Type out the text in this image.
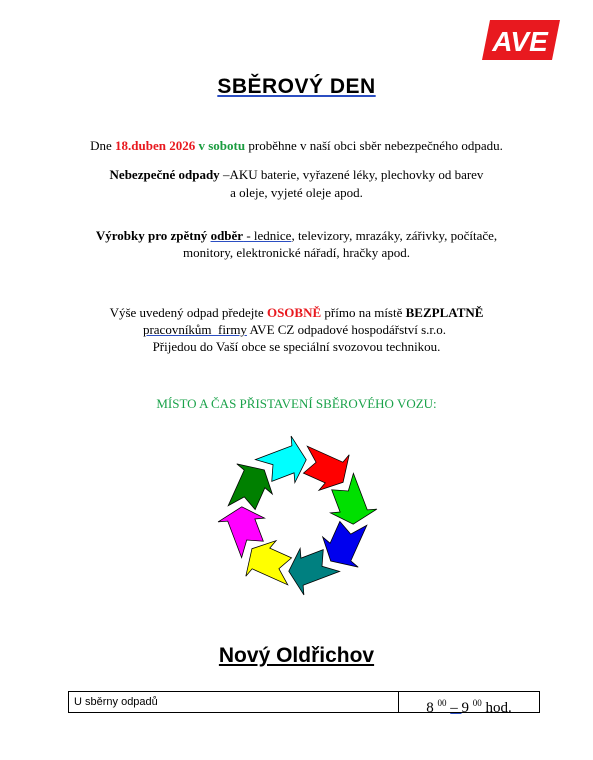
AVE
SBĚROVÝ DEN
Dne 18.duben 2026 v sobotu proběhne v naší obci sběr nebezpečného odpadu.
Nebezpečné odpady –AKU baterie, vyřazené léky, plechovky od barev
a oleje, vyjeté oleje apod.
Výrobky pro zpětný odběr - lednice, televizory, mrazáky, zářivky, počítače,
monitory, elektronické nářadí, hračky apod.
Výše uvedený odpad předejte OSOBNĚ přímo na místě BEZPLATNĚ
pracovníkům  firmy AVE CZ odpadové hospodářství s.r.o.
Přijedou do Vaší obce se speciální svozovou technikou.
MÍSTO A ČAS PŘISTAVENÍ SBĚROVÉHO VOZU:
Nový Oldřichov
U sběrny odpadů	8 $^{00}$ – 9 $^{00}$ hod.
